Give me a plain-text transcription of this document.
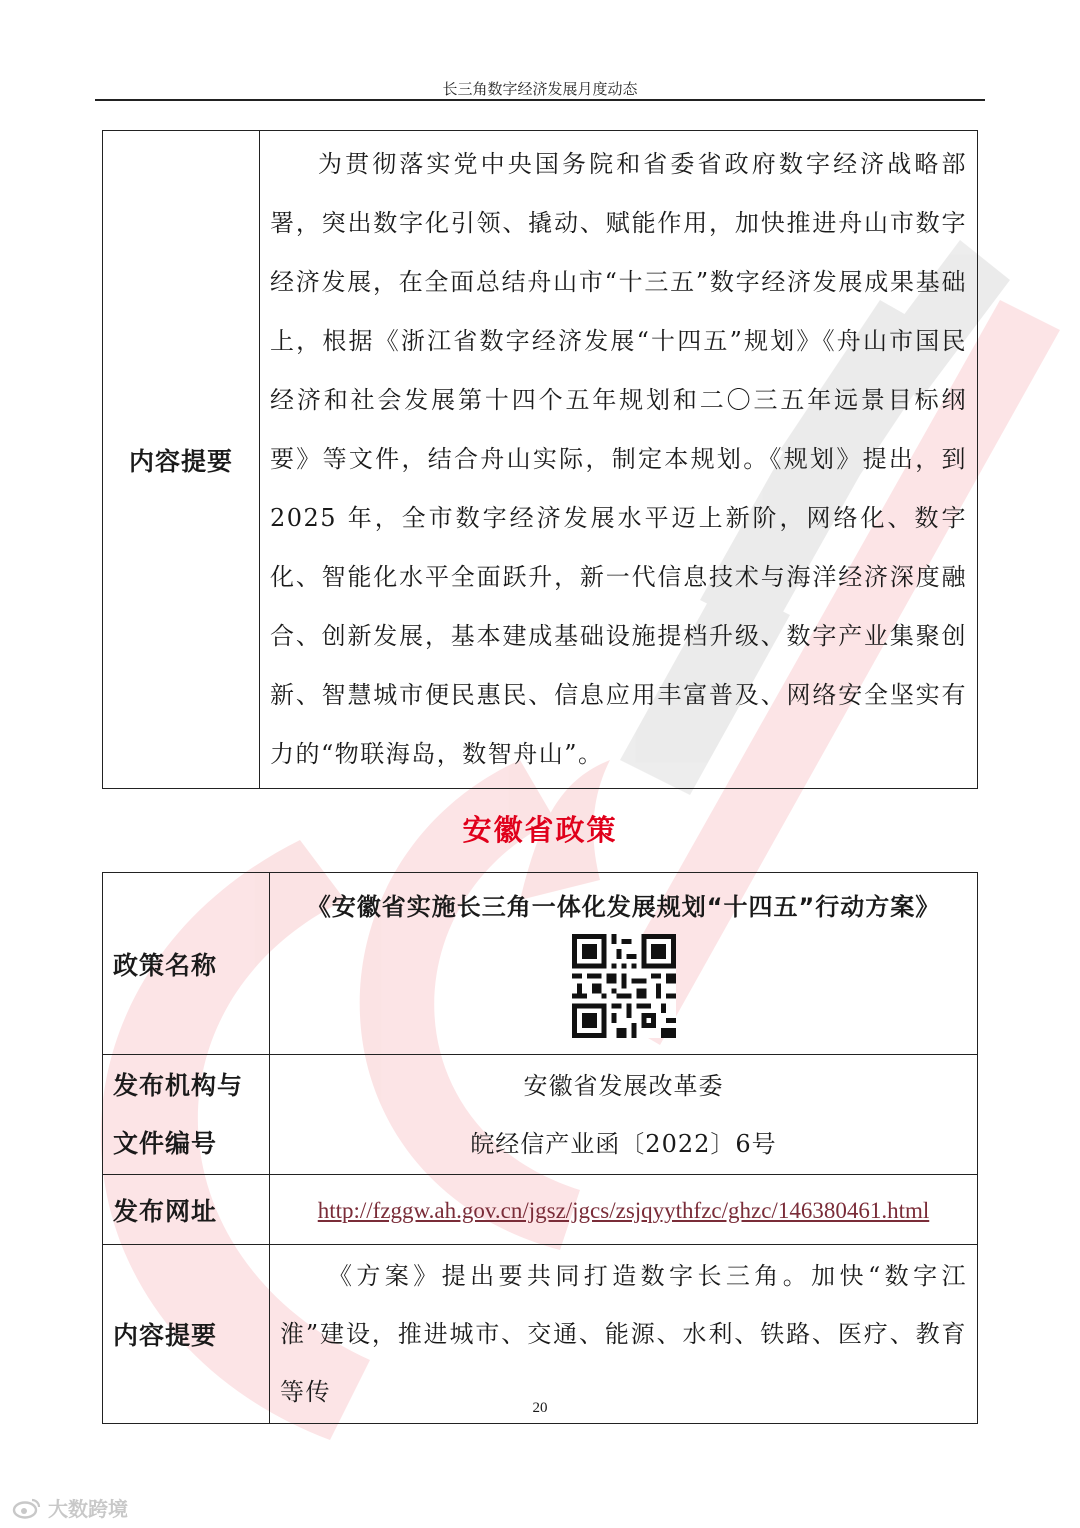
长三角数字经济发展月度动态
内容提要	
为贯彻落实党中央国务院和省委省政府数字经济战略部署，突出数字化引领、撬动、赋能作用，加快推进舟山市数字经济发展，在全面总结舟山市“十三五”数字经济发展成果基础上，根据《浙江省数字经济发展“十四五”规划》《舟山市国民经济和社会发展第十四个五年规划和二〇三五年远景目标纲要》等文件，结合舟山实际，制定本规划。《规划》提出，到 2025 年，全市数字经济发展水平迈上新阶，网络化、数字化、智能化水平全面跃升，新一代信息技术与海洋经济深度融合、创新发展，基本建成基础设施提档升级、数字产业集聚创新、智慧城市便民惠民、信息应用丰富普及、网络安全坚实有力的“物联海岛，数智舟山”。
安徽省政策
政策名称	《安徽省实施长三角一体化发展规划“十四五”行动方案》

发布机构与文件编号	安徽省发展改革委
皖经信产业函〔2022〕6号

发布网址	http://fzggw.ah.gov.cn/jgsz/jgcs/zsjqyythfzc/ghzc/146380461.html
内容提要	《方案》提出要共同打造数字长三角。加快“数字江淮”建设，推进城市、交通、能源、水利、铁路、医疗、教育等传
20
大数跨境
